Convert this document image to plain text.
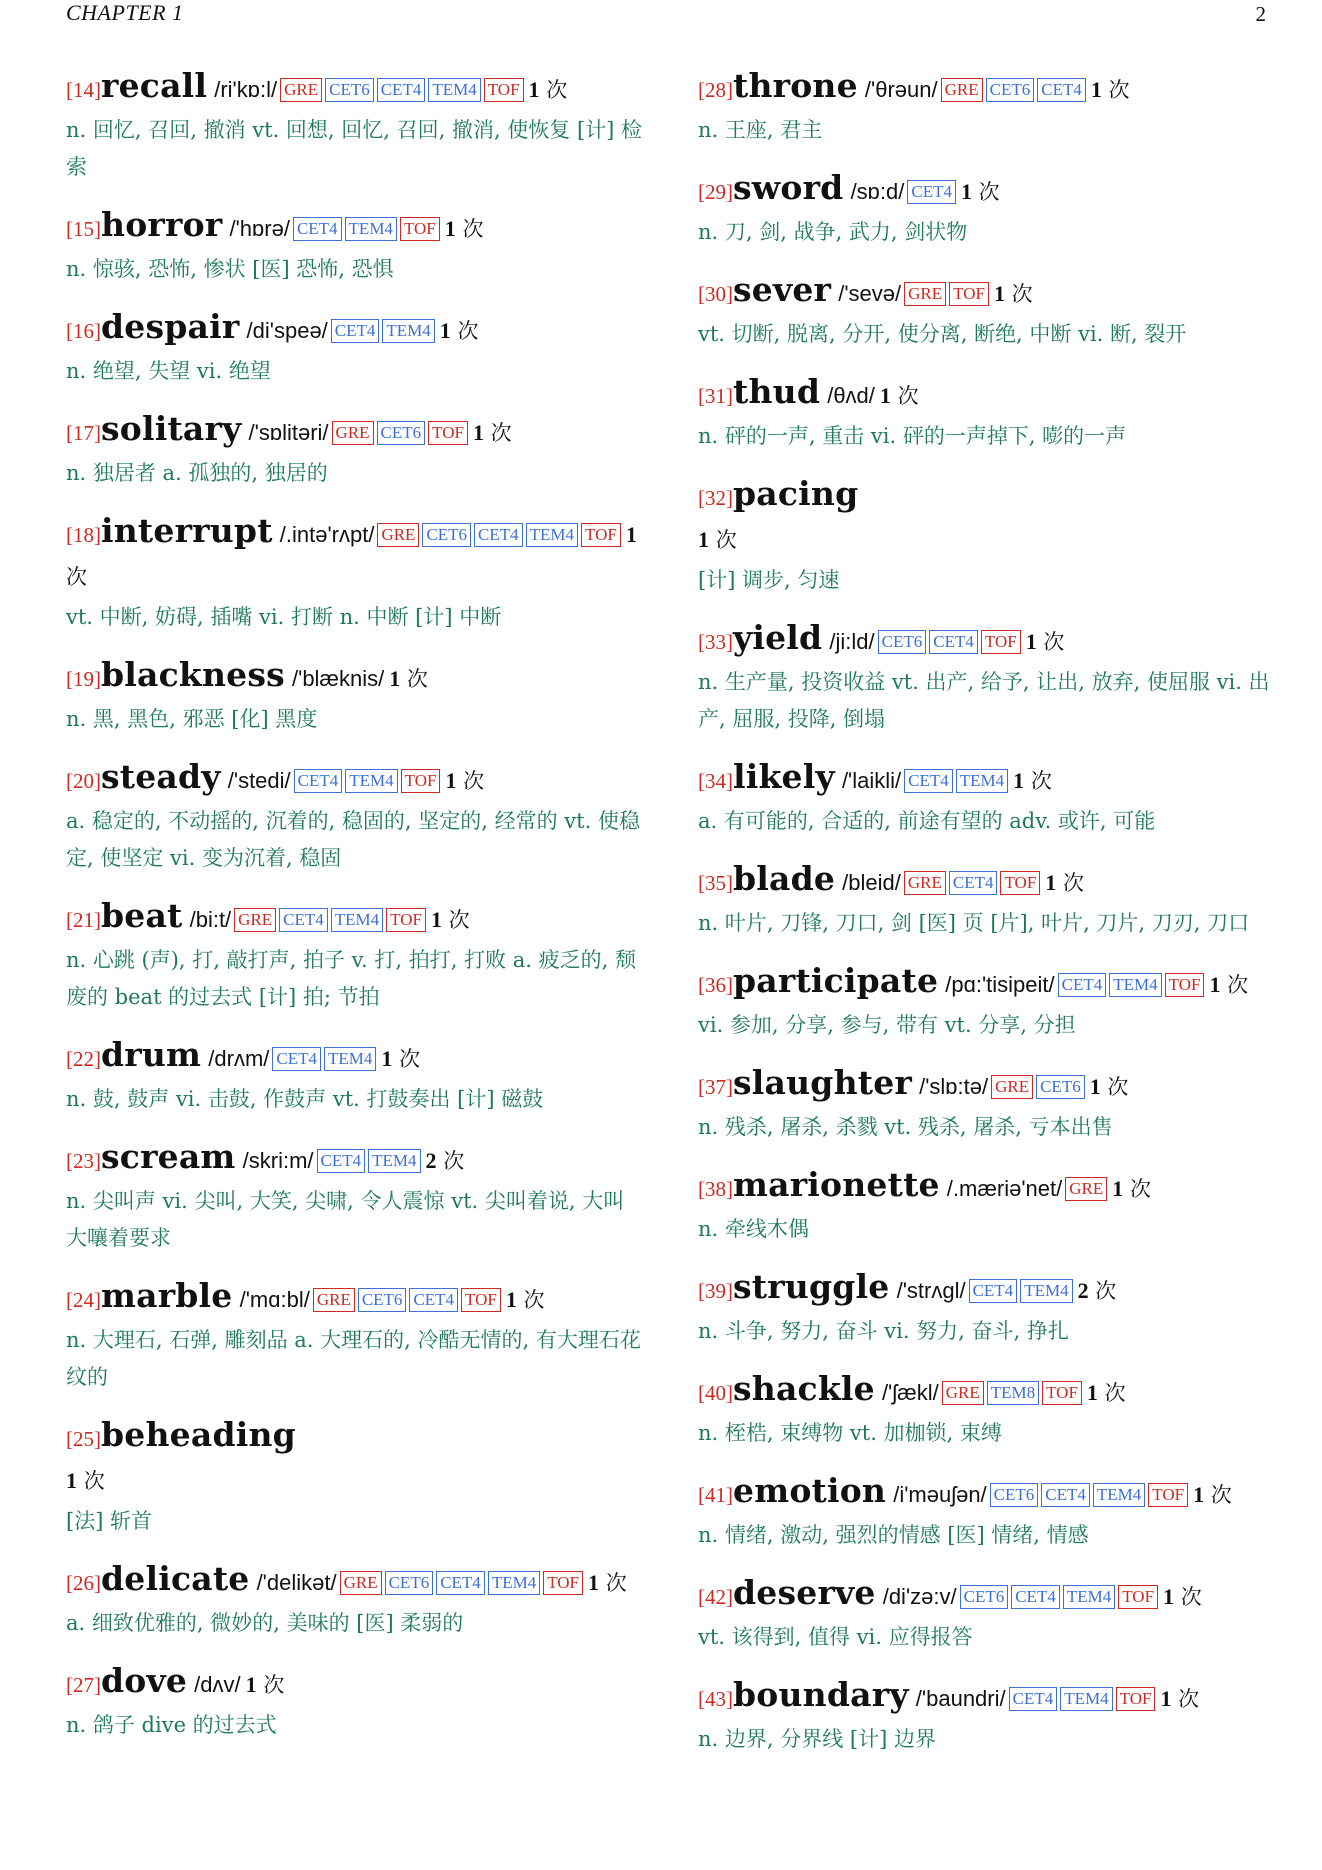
CHAPTER 1	2
[14]recall /ri'kɒ:l/ GRE CET6 CET4 TEM4 TOF 1 次
n. 回忆, 召回, 撤消 vt. 回想, 回忆, 召回, 撤消, 使恢复 [计] 检索
[15]horror /'hɒrə/ CET4 TEM4 TOF 1 次
n. 惊骇, 恐怖, 惨状 [医] 恐怖, 恐惧
[16]despair /di'speə/ CET4 TEM4 1 次
n. 绝望, 失望 vi. 绝望
[17]solitary /'sɒlitəri/ GRE CET6 TOF 1 次
n. 独居者 a. 孤独的, 独居的
[18]interrupt /.intə'rʌpt/ GRE CET6 CET4 TEM4 TOF 1 次
vt. 中断, 妨碍, 插嘴 vi. 打断 n. 中断 [计] 中断
[19]blackness /'blæknis/ 1 次
n. 黑, 黑色, 邪恶 [化] 黑度
[20]steady /'stedi/ CET4 TEM4 TOF 1 次
a. 稳定的, 不动摇的, 沉着的, 稳固的, 坚定的, 经常的 vt. 使稳定, 使坚定 vi. 变为沉着, 稳固
[21]beat /bi:t/ GRE CET4 TEM4 TOF 1 次
n. 心跳 (声), 打, 敲打声, 拍子 v. 打, 拍打, 打败 a. 疲乏的, 颓废的 beat 的过去式 [计] 拍; 节拍
[22]drum /drʌm/ CET4 TEM4 1 次
n. 鼓, 鼓声 vi. 击鼓, 作鼓声 vt. 打鼓奏出 [计] 磁鼓
[23]scream /skri:m/ CET4 TEM4 2 次
n. 尖叫声 vi. 尖叫, 大笑, 尖啸, 令人震惊 vt. 尖叫着说, 大叫大嚷着要求
[24]marble /'mɑ:bl/ GRE CET6 CET4 TOF 1 次
n. 大理石, 石弹, 雕刻品 a. 大理石的, 冷酷无情的, 有大理石花纹的
[25]beheading
1 次
[法] 斩首
[26]delicate /'delikət/ GRE CET6 CET4 TEM4 TOF 1 次
a. 细致优雅的, 微妙的, 美味的 [医] 柔弱的
[27]dove /dʌv/ 1 次
n. 鸽子 dive 的过去式
[28]throne /'θrəun/ GRE CET6 CET4 1 次
n. 王座, 君主
[29]sword /sɒ:d/ CET4 1 次
n. 刀, 剑, 战争, 武力, 剑状物
[30]sever /'sevə/ GRE TOF 1 次
vt. 切断, 脱离, 分开, 使分离, 断绝, 中断 vi. 断, 裂开
[31]thud /θʌd/ 1 次
n. 砰的一声, 重击 vi. 砰的一声掉下, 嘭的一声
[32]pacing
1 次
[计] 调步, 匀速
[33]yield /ji:ld/ CET6 CET4 TOF 1 次
n. 生产量, 投资收益 vt. 出产, 给予, 让出, 放弃, 使屈服 vi. 出产, 屈服, 投降, 倒塌
[34]likely /'laikli/ CET4 TEM4 1 次
a. 有可能的, 合适的, 前途有望的 adv. 或许, 可能
[35]blade /bleid/ GRE CET4 TOF 1 次
n. 叶片, 刀锋, 刀口, 剑 [医] 页 [片], 叶片, 刀片, 刀刃, 刀口
[36]participate /pɑ:'tisipeit/ CET4 TEM4 TOF 1 次
vi. 参加, 分享, 参与, 带有 vt. 分享, 分担
[37]slaughter /'slɒ:tə/ GRE CET6 1 次
n. 残杀, 屠杀, 杀戮 vt. 残杀, 屠杀, 亏本出售
[38]marionette /.mæriə'net/ GRE 1 次
n. 牵线木偶
[39]struggle /'strʌgl/ CET4 TEM4 2 次
n. 斗争, 努力, 奋斗 vi. 努力, 奋斗, 挣扎
[40]shackle /'ʃækl/ GRE TEM8 TOF 1 次
n. 桎梏, 束缚物 vt. 加枷锁, 束缚
[41]emotion /i'məuʃən/ CET6 CET4 TEM4 TOF 1 次
n. 情绪, 激动, 强烈的情感 [医] 情绪, 情感
[42]deserve /di'zə:v/ CET6 CET4 TEM4 TOF 1 次
vt. 该得到, 值得 vi. 应得报答
[43]boundary /'baundri/ CET4 TEM4 TOF 1 次
n. 边界, 分界线 [计] 边界
